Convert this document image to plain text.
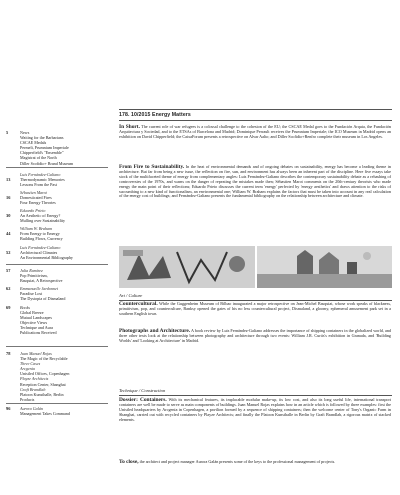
5	News
Waiting for the Barbarians
CSCAE Medals
Permeli, Prumnium Imperiale
Chipperfield's "Ensemble"
Magistrat of the North
Diller Scofidio+ Brand Museum
13
Luis Fernández-Galiano
Thermodynamic Memories
Lessons From the Past
16
Sébastien Marot
Domesticated Fires
Four Energy Theories
30
Eduardo Prieto
An Aesthetic of Energy?
Mulling over Sustainability
44
William W. Braham
From Energy to Emergy
Building Flows, Currency
52
Luis Fernández-Galiano
Architectural Climates
An Environmental Bibliography
57	Julia Ramírez
Pop Primitivism,
Basquiat, A Retrospective
62	Emmanuelle Jardonnet
Paradise Lost
The Dystopia of Dismaland
69	Books
Global Breeze
Mutual Landscapes
Objective Views
Technique and Aura
Publications Received
78	Juan Manuel Rojas
The Magic of the Recyclable
Three Cases
Arcgenia
Unistled Offices, Copenhagen
Playze Architects
Reception Center, Shanghai
Graft Brandlab
Platoon Kunsthalle, Berlin
Products
96	Aurora Galán
Management Takes Command
178. 10/2015 Energy Matters
In Short. The current role of war refugees is a colossal challenge to the cohesion of the EU; the CSCAE Medal goes to the Fundación Arquia, the Fundación Arquitectura y Sociedad, and to the ETSAs of Barcelona and Madrid; Dominique Perrault receives the Prumnium Imperiale; the ICO Museum in Madrid opens an exhibition on David Chipperfield; the CaixaForum presents a retrospective on Alvar Aalto; and Diller Scofidio+Renfro complete their museum in Los Angeles.
From Fire to Sustainability. In the heat of environmental demands and of ongoing debates on sustainability, energy has become a leading theme in architecture. But far from being a new issue, the reflection on fire, sun, and environment has always been an inherent part of the discipline. Here five essays take stock of the multifaceted theme of energy from complementary angles: Luis Fernández-Galiano describes the contemporary sustainability debate as a rehashing of controversies of the 1970s, and warns on the danger of repeating the mistakes made then; Sébastien Marot comments on the 20th-century theorists who made energy the main point of their reflections; Eduardo Prieto discusses the current term 'energy' perfected by 'energy aesthetics' and draws attention to the risks of succumbing to a new kind of functionalism, an environmental one; William W. Braham explains the factors that must be taken into account in any real calculation of the energy cost of buildings; and Fernández-Galiano presents the fundamental bibliography on the relationship between architecture and climate.
Art / Culture
Countercultural. While the Guggenheim Museum of Bilbao inaugurated a major retrospective on Jean-Michel Basquiat, whose work speaks of blackness, primitivism, pop, and counterculture, Banksy opened the gates of his no less countercultural project, Dismaland, a gloomy, ephemeral amusement park set in a southern English town.
Photographs and Architecture. A book review by Luis Fernández-Galiano addresses the importance of shipping containers in the globalized world, and three other texts look at the relationship between photography and architecture through two events: William J.R. Curtis's exhibition in Granada, and 'Building Worlds' and 'Looking at Architecture' in Madrid.
Technique / Construction
Dossier: Containers. With its mechanical features, its implacable modular make-up, its low cost, and also its long useful life, international transport containers are well be made to serve as main components of buildings. Juan Manuel Rojas explains how in an article which is followed by three examples: first the Unistled headquarters by Arcgenia in Copenhagen, a pavilion formed by a sequence of shipping containers; then the welcome center of Tony's Organic Farm in Shanghai, carried out with recycled containers by Playze Architects; and finally the Platoon Kunsthalle in Berlin by Graft Brandlab, a rigorous matrix of stacked elements.
To close, the architect and project manager Aurora Galán presents some of the keys to the professional management of projects.
